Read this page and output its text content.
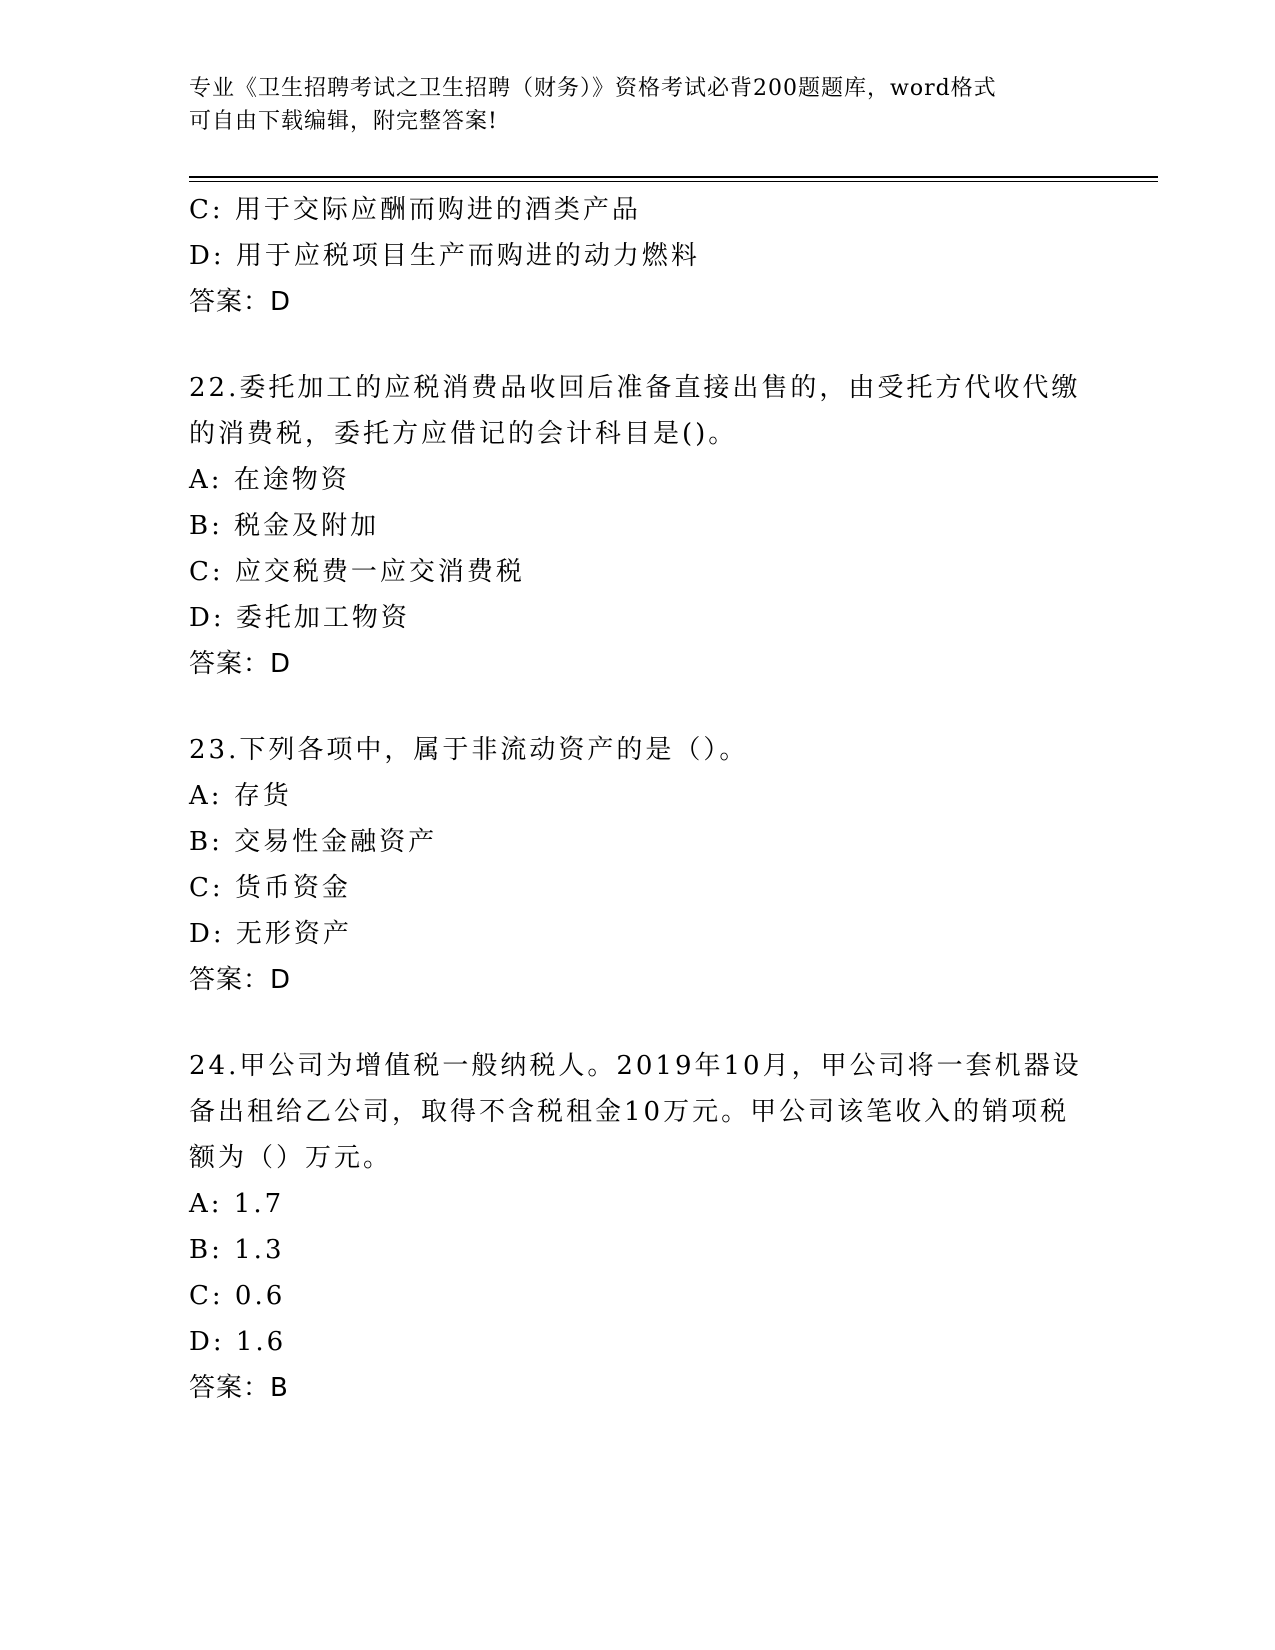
专业《卫生招聘考试之卫生招聘（财务）》资格考试必背200题题库，word格式
可自由下载编辑，附完整答案!
C: 用于交际应酬而购进的酒类产品
D: 用于应税项目生产而购进的动力燃料
答案：D
22.委托加工的应税消费品收回后准备直接出售的，由受托方代收代缴
的消费税，委托方应借记的会计科目是()。
A: 在途物资
B: 税金及附加
C: 应交税费一应交消费税
D: 委托加工物资
答案：D
23.下列各项中，属于非流动资产的是（）。
A: 存货
B: 交易性金融资产
C: 货币资金
D: 无形资产
答案：D
24.甲公司为增值税一般纳税人。2019年10月，甲公司将一套机器设
备出租给乙公司，取得不含税租金10万元。甲公司该笔收入的销项税
额为（）万元。
A: 1.7
B: 1.3
C: 0.6
D: 1.6
答案：B
